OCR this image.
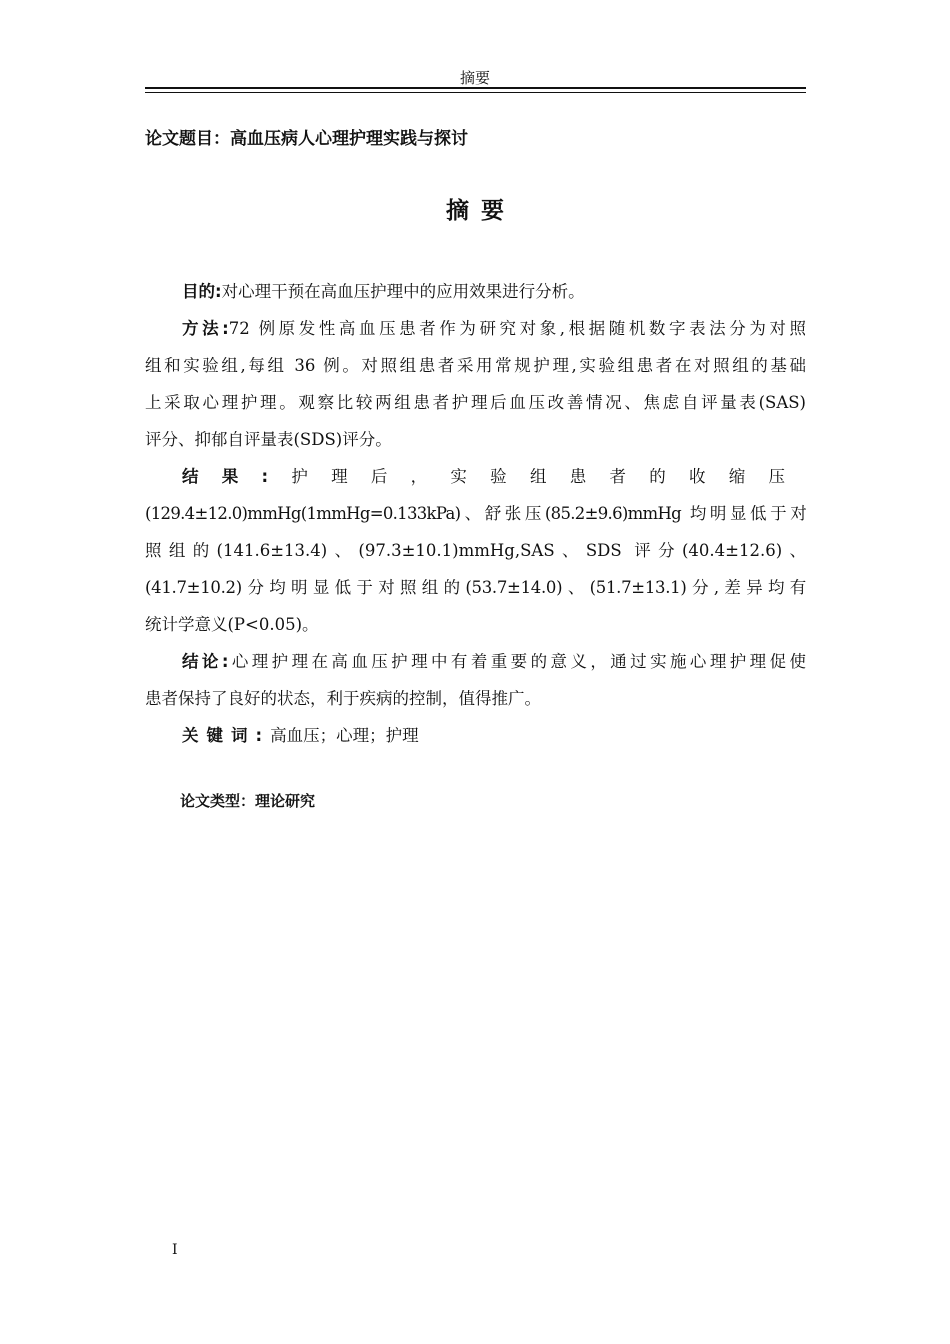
摘要
论文题目：高血压病人心理护理实践与探讨
摘要
目的:对心理干预在高血压护理中的应用效果进行分析。
方法:72 例原发性高血压患者作为研究对象,根据随机数字表法分为对照
组和实验组,每组 36 例。对照组患者采用常规护理,实验组患者在对照组的基础
上采取心理护理。观察比较两组患者护理后血压改善情况、焦虑自评量表(SAS)
评分、抑郁自评量表(SDS)评分。
结果:护理后，实验组患者的收缩压
(129.4±12.0)mmHg(1mmHg=0.133kPa)、舒张压(85.2±9.6)mmHg 均明显低于对
照组的(141.6±13.4)、(97.3±10.1)mmHg,SAS、SDS 评分(40.4±12.6)、
(41.7±10.2)分均明显低于对照组的(53.7±14.0)、(51.7±13.1)分,差异均有
统计学意义(P<0.05)。
结论:心理护理在高血压护理中有着重要的意义，通过实施心理护理促使
患者保持了良好的状态，利于疾病的控制，值得推广。
关键词:高血压；心理；护理
论文类型：理论研究
I
